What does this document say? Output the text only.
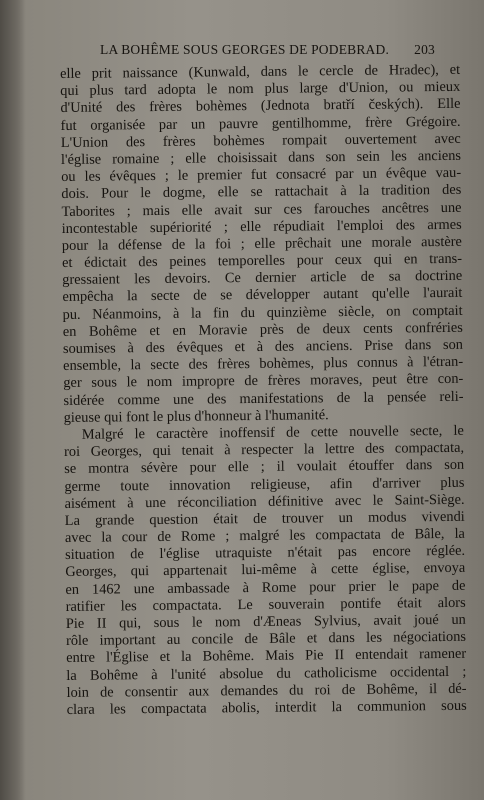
LA BOHÊME SOUS GEORGES DE PODEBRAD. 203
elle prit naissance (Kunwald, dans le cercle de Hradec), et
qui plus tard adopta le nom plus large d'Union, ou mieux
d'Unité des frères bohèmes (Jednota bratří českých). Elle
fut organisée par un pauvre gentilhomme, frère Grégoire.
L'Union des frères bohèmes rompait ouvertement avec
l'église romaine ; elle choisissait dans son sein les anciens
ou les évêques ; le premier fut consacré par un évêque vau-
dois. Pour le dogme, elle se rattachait à la tradition des
Taborites ; mais elle avait sur ces farouches ancêtres une
incontestable supériorité ; elle répudiait l'emploi des armes
pour la défense de la foi ; elle prêchait une morale austère
et édictait des peines temporelles pour ceux qui en trans-
gressaient les devoirs. Ce dernier article de sa doctrine
empêcha la secte de se développer autant qu'elle l'aurait
pu. Néanmoins, à la fin du quinzième siècle, on comptait
en Bohême et en Moravie près de deux cents confréries
soumises à des évêques et à des anciens. Prise dans son
ensemble, la secte des frères bohèmes, plus connus à l'étran-
ger sous le nom impropre de frères moraves, peut être con-
sidérée comme une des manifestations de la pensée reli-
gieuse qui font le plus d'honneur à l'humanité.
Malgré le caractère inoffensif de cette nouvelle secte, le
roi Georges, qui tenait à respecter la lettre des compactata,
se montra sévère pour elle ; il voulait étouffer dans son
germe toute innovation religieuse, afin d'arriver plus
aisément à une réconciliation définitive avec le Saint-Siège.
La grande question était de trouver un modus vivendi
avec la cour de Rome ; malgré les compactata de Bâle, la
situation de l'église utraquiste n'était pas encore réglée.
Georges, qui appartenait lui-même à cette église, envoya
en 1462 une ambassade à Rome pour prier le pape de
ratifier les compactata. Le souverain pontife était alors
Pie II qui, sous le nom d'Æneas Sylvius, avait joué un
rôle important au concile de Bâle et dans les négociations
entre l'Église et la Bohême. Mais Pie II entendait ramener
la Bohême à l'unité absolue du catholicisme occidental ;
loin de consentir aux demandes du roi de Bohême, il dé-
clara les compactata abolis, interdit la communion sous
